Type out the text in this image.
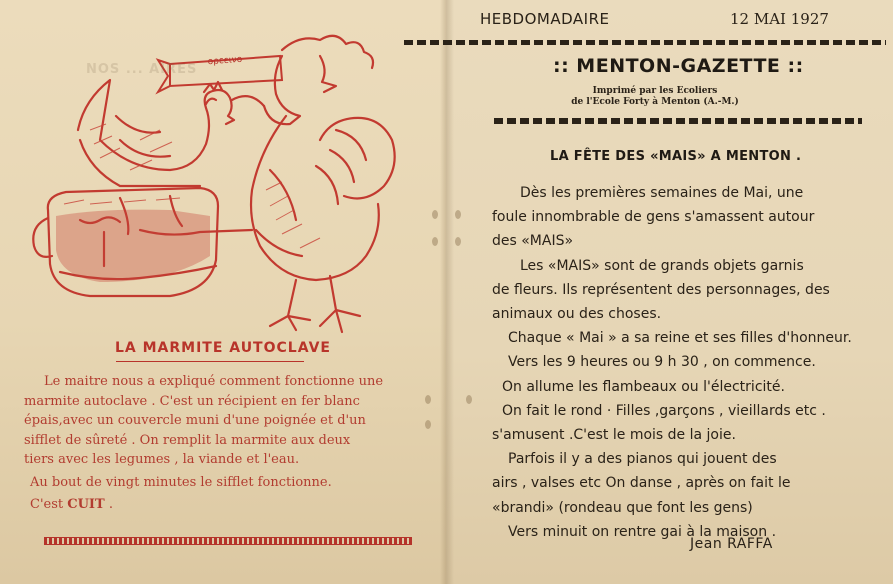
ορεεινο
LA MARMITE AUTOCLAVE

Le maitre nous a expliqué comment fonctionne une

marmite autoclave . C'est un récipient en fer blanc

épais,avec un couvercle muni d'une poignée et d'un

sifflet de sûreté . On remplit la marmite aux deux

tiers avec les legumes , la viande et l'eau.

Au bout de vingt minutes le sifflet fonctionne.

C'est CUIT .

NOS ... AIRES
HEBDOMADAIRE	12 MAI 1927
:: MENTON-GAZETTE ::
Imprimé par les Ecoliers
de l'Ecole Forty à Menton (A.-M.)
LA FÊTE DES «MAIS» A MENTON .

Dès les premières semaines de Mai, une

foule innombrable de gens s'amassent autour

des «MAIS»

Les «MAIS» sont de grands objets garnis

de fleurs. Ils représentent des personnages, des

animaux ou des choses.

Chaque « Mai » a sa reine et ses filles d'honneur.

Vers les 9 heures ou 9 h 30 , on commence.

On allume les flambeaux ou l'électricité.

On fait le rond · Filles ,garçons , vieillards etc .

s'amusent .C'est le mois de la joie.

Parfois il y a des pianos qui jouent des

airs , valses etc On danse , après on fait le

«brandi» (rondeau que font les gens)

Vers minuit on rentre gai à la maison .

Jean RAFFA
